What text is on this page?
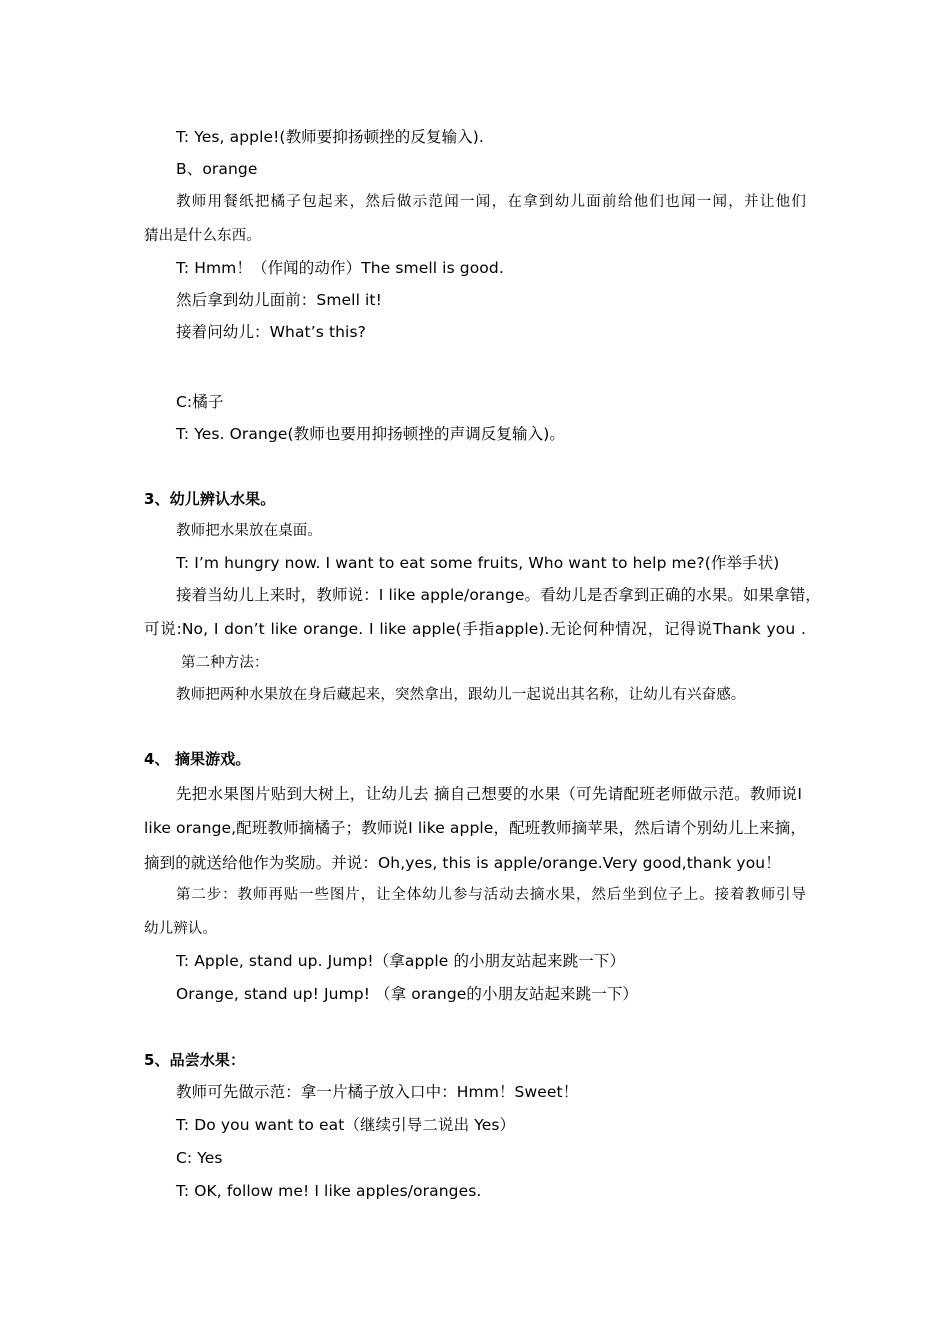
T: Yes, apple!(教师要抑扬顿挫的反复输入).
B、orange
教师用餐纸把橘子包起来，然后做示范闻一闻，在拿到幼儿面前给他们也闻一闻，并让他们
猜出是什么东西。
T: Hmm！（作闻的动作）The smell is good.
然后拿到幼儿面前：Smell it!
接着问幼儿：What’s this?
C:橘子
T: Yes. Orange(教师也要用抑扬顿挫的声调反复输入)。
3、幼儿辨认水果。
教师把水果放在桌面。
T: I’m hungry now. I want to eat some fruits, Who want to help me?(作举手状)
接着当幼儿上来时，教师说：I like apple/orange。看幼儿是否拿到正确的水果。如果拿错，
可说:No, I don’t like orange. I like apple(手指apple).无论何种情况，记得说Thank you .
第二种方法：
教师把两种水果放在身后藏起来，突然拿出，跟幼儿一起说出其名称，让幼儿有兴奋感。
4、 摘果游戏。
先把水果图片贴到大树上，让幼儿去 摘自己想要的水果（可先请配班老师做示范。教师说I
like orange,配班教师摘橘子；教师说I like apple，配班教师摘苹果，然后请个别幼儿上来摘，
摘到的就送给他作为奖励。并说：Oh,yes, this is apple/orange.Very good,thank you！
第二步：教师再贴一些图片，让全体幼儿参与活动去摘水果，然后坐到位子上。接着教师引导
幼儿辨认。
T: Apple, stand up. Jump!（拿apple 的小朋友站起来跳一下）
Orange, stand up! Jump! （拿 orange的小朋友站起来跳一下）
5、品尝水果：
教师可先做示范：拿一片橘子放入口中：Hmm！Sweet！
T: Do you want to eat（继续引导二说出 Yes）
C: Yes
T: OK, follow me! I like apples/oranges.
